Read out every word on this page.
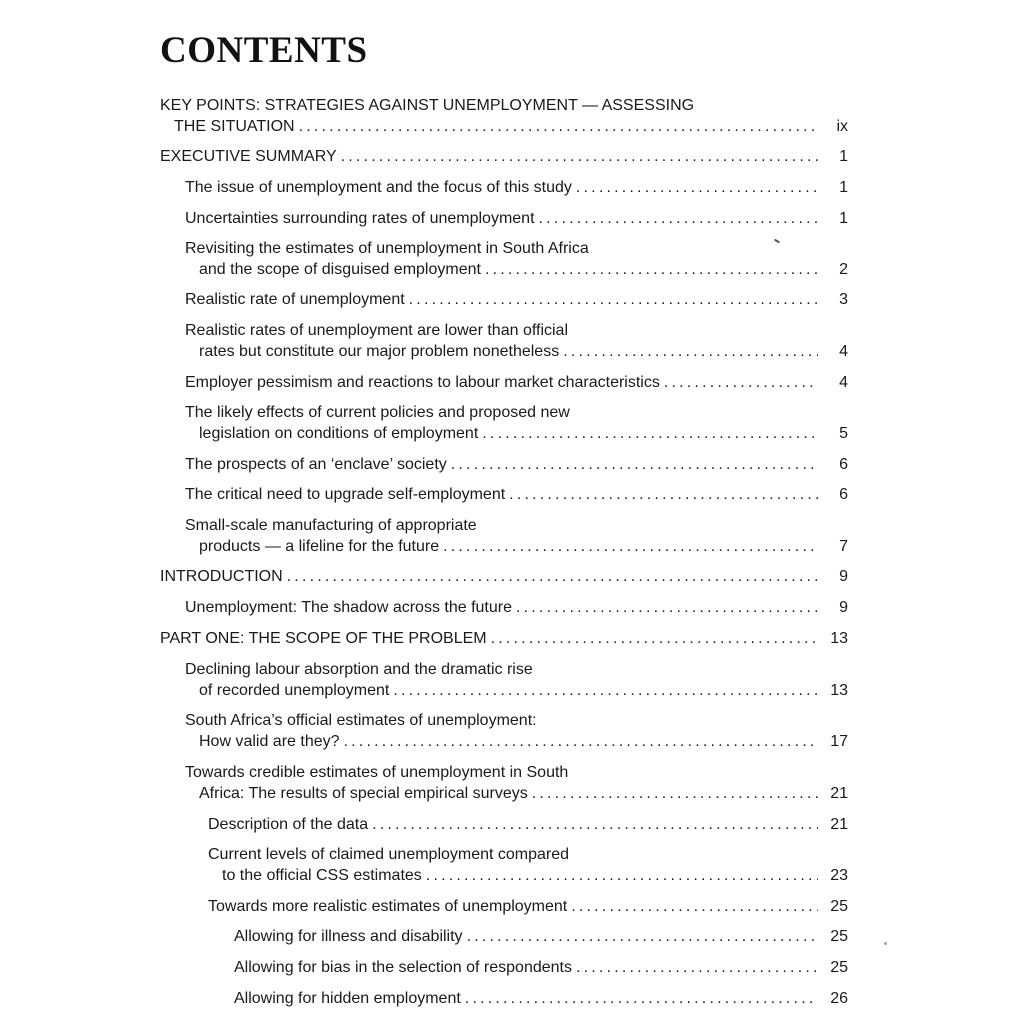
CONTENTS
KEY POINTS: STRATEGIES AGAINST UNEMPLOYMENT — ASSESSING
THE SITUATION .....	ix
EXECUTIVE SUMMARY .....	1
The issue of unemployment and the focus of this study .....	1
Uncertainties surrounding rates of unemployment .....	1
Revisiting the estimates of unemployment in South Africa
and the scope of disguised employment .....	2
Realistic rate of unemployment .....	3
Realistic rates of unemployment are lower than official
rates but constitute our major problem nonetheless .....	4
Employer pessimism and reactions to labour market characteristics .....	4
The likely effects of current policies and proposed new
legislation on conditions of employment .....	5
The prospects of an ‘enclave’ society .....	6
The critical need to upgrade self-employment .....	6
Small-scale manufacturing of appropriate
products — a lifeline for the future .....	7
INTRODUCTION .....	9
Unemployment: The shadow across the future .....	9
PART ONE: THE SCOPE OF THE PROBLEM .....	13
Declining labour absorption and the dramatic rise
of recorded unemployment .....	13
South Africa’s official estimates of unemployment:
How valid are they? .....	17
Towards credible estimates of unemployment in South
Africa: The results of special empirical surveys .....	21
Description of the data .....	21
Current levels of claimed unemployment compared
to the official CSS estimates .....	23
Towards more realistic estimates of unemployment .....	25
Allowing for illness and disability .....	25
Allowing for bias in the selection of respondents .....	25
Allowing for hidden employment .....	26
